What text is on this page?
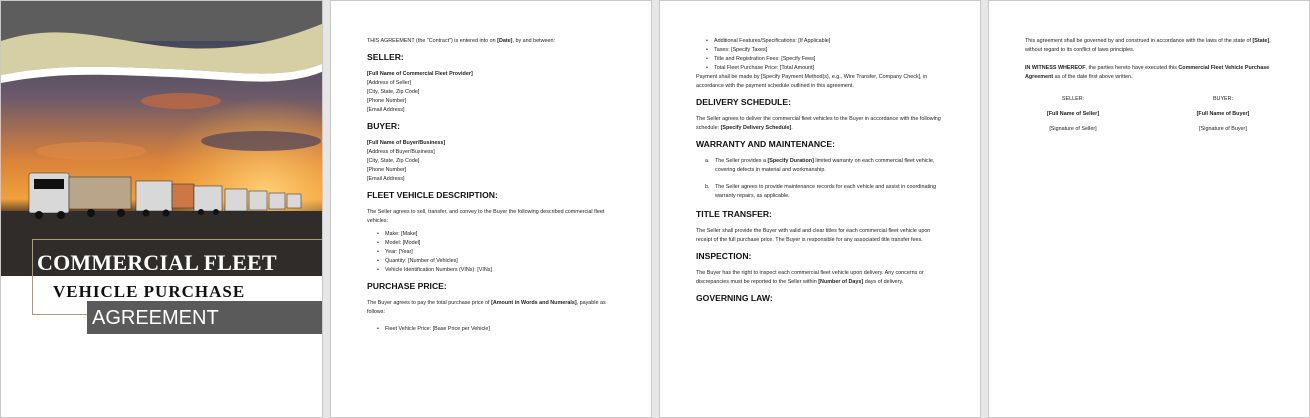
COMMERCIAL FLEET
VEHICLE PURCHASE
AGREEMENT

THIS AGREEMENT (the "Contract") is entered into on [Date], by and between:

SELLER:
[Full Name of Commercial Fleet Provider]
[Address of Seller]
[City, State, Zip Code]
[Phone Number]
[Email Address]
BUYER:
[Full Name of Buyer/Business]
[Address of Buyer/Business]
[City, State, Zip Code]
[Phone Number]
[Email Address]
FLEET VEHICLE DESCRIPTION:

The Seller agrees to sell, transfer, and convey to the Buyer the following described commercial fleet vehicles:

• Make: [Make]
• Model: [Model]
• Year: [Year]
• Quantity: [Number of Vehicles]
• Vehicle Identification Numbers (VINs): [VINs]
PURCHASE PRICE:

The Buyer agrees to pay the total purchase price of [Amount in Words and Numerals], payable as follows:

• Fleet Vehicle Price: [Base Price per Vehicle]
• Additional Features/Specifications: [If Applicable]
• Taxes: [Specify Taxes]
• Title and Registration Fees: [Specify Fees]
• Total Fleet Purchase Price: [Total Amount]

Payment shall be made by [Specify Payment Method(s), e.g., Wire Transfer, Company Check], in accordance with the payment schedule outlined in this agreement.

DELIVERY SCHEDULE:

The Seller agrees to deliver the commercial fleet vehicles to the Buyer in accordance with the following schedule: [Specify Delivery Schedule].

WARRANTY AND MAINTENANCE:
a. The Seller provides a [Specify Duration] limited warranty on each commercial fleet vehicle, covering defects in material and workmanship.
b. The Seller agrees to provide maintenance records for each vehicle and assist in coordinating warranty repairs, as applicable.
TITLE TRANSFER:

The Seller shall provide the Buyer with valid and clear titles for each commercial fleet vehicle upon receipt of the full purchase price. The Buyer is responsible for any associated title transfer fees.

INSPECTION:

The Buyer has the right to inspect each commercial fleet vehicle upon delivery. Any concerns or discrepancies must be reported to the Seller within [Number of Days] days of delivery.

GOVERNING LAW:

This agreement shall be governed by and construed in accordance with the laws of the state of [State], without regard to its conflict of laws principles.

IN WITNESS WHEREOF, the parties hereto have executed this Commercial Fleet Vehicle Purchase Agreement as of the date first above written.

SELLER:
[Full Name of Seller]
[Signature of Seller]
BUYER:
[Full Name of Buyer]
[Signature of Buyer]
